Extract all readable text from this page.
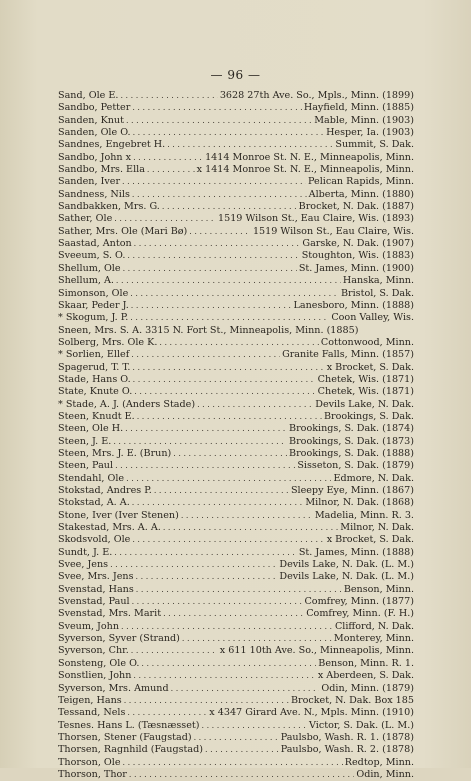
— 96 —
Sand, Ole E. . . .	3628 27th Ave. So., Mpls., Minn. (1899)
Sandbo, Petter . . .	Hayfield, Minn. (1885)
Sanden, Knut . . .	Mable, Minn. (1903)
Sanden, Ole O. . . .	Hesper, Ia. (1903)
Sandnes, Engebret H. . . .	Summit, S. Dak.
Sandbo, John x . . .	1414 Monroe St. N. E., Minneapolis, Minn.
Sandbo, Mrs. Ella . . .	x 1414 Monroe St. N. E., Minneapolis, Minn.
Sanden, Iver . . .	Pelican Rapids, Minn.
Sandness, Nils . . .	Alberta, Minn. (1880)
Sandbakken, Mrs. G. . . .	Brocket, N. Dak. (1887)
Sather, Ole . . .	1519 Wilson St., Eau Claire, Wis. (1893)
Sather, Mrs. Ole (Mari Bø) . . .	1519 Wilson St., Eau Claire, Wis.
Saastad, Anton . . .	Garske, N. Dak. (1907)
Sveeum, S. O. . . .	Stoughton, Wis. (1883)
Shellum, Ole . . .	St. James, Minn. (1900)
Shellum, A. . . .	Hanska, Minn.
Simonson, Ole . . .	Bristol, S. Dak.
Skaar, Peder J. . . .	Lanesboro, Minn. (1888)
* Skogum, J. P. . . .	Coon Valley, Wis.
Sneen, Mrs. S. A. 3315 N. Fort St., Minneapolis, Minn. (1885)
Solberg, Mrs. Ole K. . . .	Cottonwood, Minn.
* Sorlien, Ellef . . .	Granite Falls, Minn. (1857)
Spagerud, T. T. . . .	x Brocket, S. Dak.
Stade, Hans O. . . .	Chetek, Wis. (1871)
State, Knute O. . . .	Chetek, Wis. (1871)
* Stade, A. J. (Anders Stade) . . .	Devils Lake, N. Dak.
Steen, Knudt E. . . .	Brookings, S. Dak.
Steen, Ole H. . . .	Brookings, S. Dak. (1874)
Steen, J. E. . . .	Brookings, S. Dak. (1873)
Steen, Mrs. J. E. (Brun) . . .	Brookings, S. Dak. (1888)
Steen, Paul . . .	Sisseton, S. Dak. (1879)
Stendahl, Ole . . .	Edmore, N. Dak.
Stokstad, Andres P. . . .	Sleepy Eye, Minn. (1867)
Stokstad, A. A. . . .	Milnor, N. Dak. (1868)
Stone, Iver (Iver Stenen) . . .	Madelia, Minn. R. 3.
Stakestad, Mrs. A. A. . . .	Milnor, N. Dak.
Skodsvold, Ole . . .	x Brocket, S. Dak.
Sundt, J. E. . . .	St. James, Minn. (1888)
Svee, Jens . . .	Devils Lake, N. Dak. (L. M.)
Svee, Mrs. Jens . . .	Devils Lake, N. Dak. (L. M.)
Svenstad, Hans . . .	Benson, Minn.
Svenstad, Paul . . .	Comfrey, Minn. (1877)
Svenstad, Mrs. Marit . . .	Comfrey, Minn. (F. H.)
Sveum, John . . .	Clifford, N. Dak.
Syverson, Syver (Strand) . . .	Monterey, Minn.
Syverson, Chr. . . .	x 611 10th Ave. So., Minneapolis, Minn.
Sonsteng, Ole O. . . .	Benson, Minn. R. 1.
Sonstlien, John . . .	x Aberdeen, S. Dak.
Syverson, Mrs. Amund . . .	Odin, Minn. (1879)
Teigen, Hans . . .	Brocket, N. Dak. Box 185
Tessand, Nels . . .	x 4347 Girard Ave. N., Mpls. Minn. (1910)
Tesnes. Hans L. (Tæsnæsset) . . .	Victor, S. Dak. (L. M.)
Thorsen, Stener (Faugstad) . . .	Paulsbo, Wash. R. 1. (1878)
Thorsen, Ragnhild (Faugstad) . . .	Paulsbo, Wash. R. 2. (1878)
Thorson, Ole . . .	Redtop, Minn.
Thorson, Thor . . .	Odin, Minn.
